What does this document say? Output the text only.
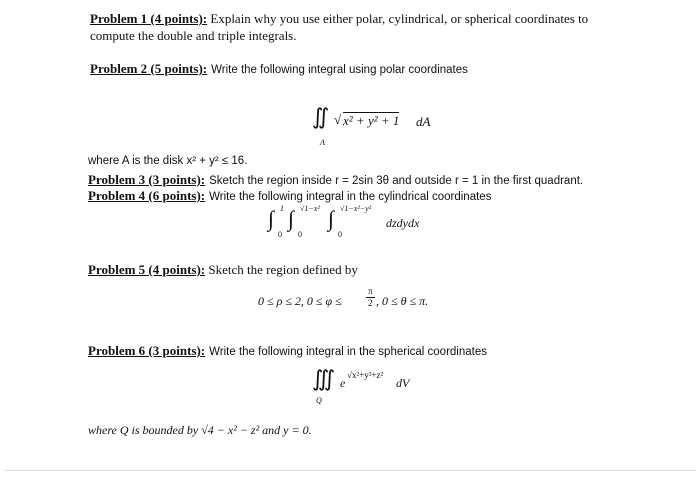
Problem 1 (4 points): Explain why you use either polar, cylindrical, or spherical coordinates to
compute the double and triple integrals.
Problem 2 (5 points): Write the following integral using polar coordinates
∬ √ x² + y² + 1 dA
A
where A is the disk x² + y² ≤ 16.
Problem 3 (3 points): Sketch the region inside r = 2sin 3θ and outside r = 1 in the first quadrant.
Problem 4 (6 points): Write the following integral in the cylindrical coordinates
∫ 1
0
∫ √1−x²
0
∫ √1−x²−y²
0
dzdydx
Problem 5 (4 points): Sketch the region defined by
0 ≤ ρ ≤ 2, 0 ≤ φ ≤
π
2 , 0 ≤ θ ≤ π.
Problem 6 (3 points): Write the following integral in the spherical coordinates
∭ e
√x²+y²+z²
dV
Q
where Q is bounded by √4 − x² − z² and y = 0.
